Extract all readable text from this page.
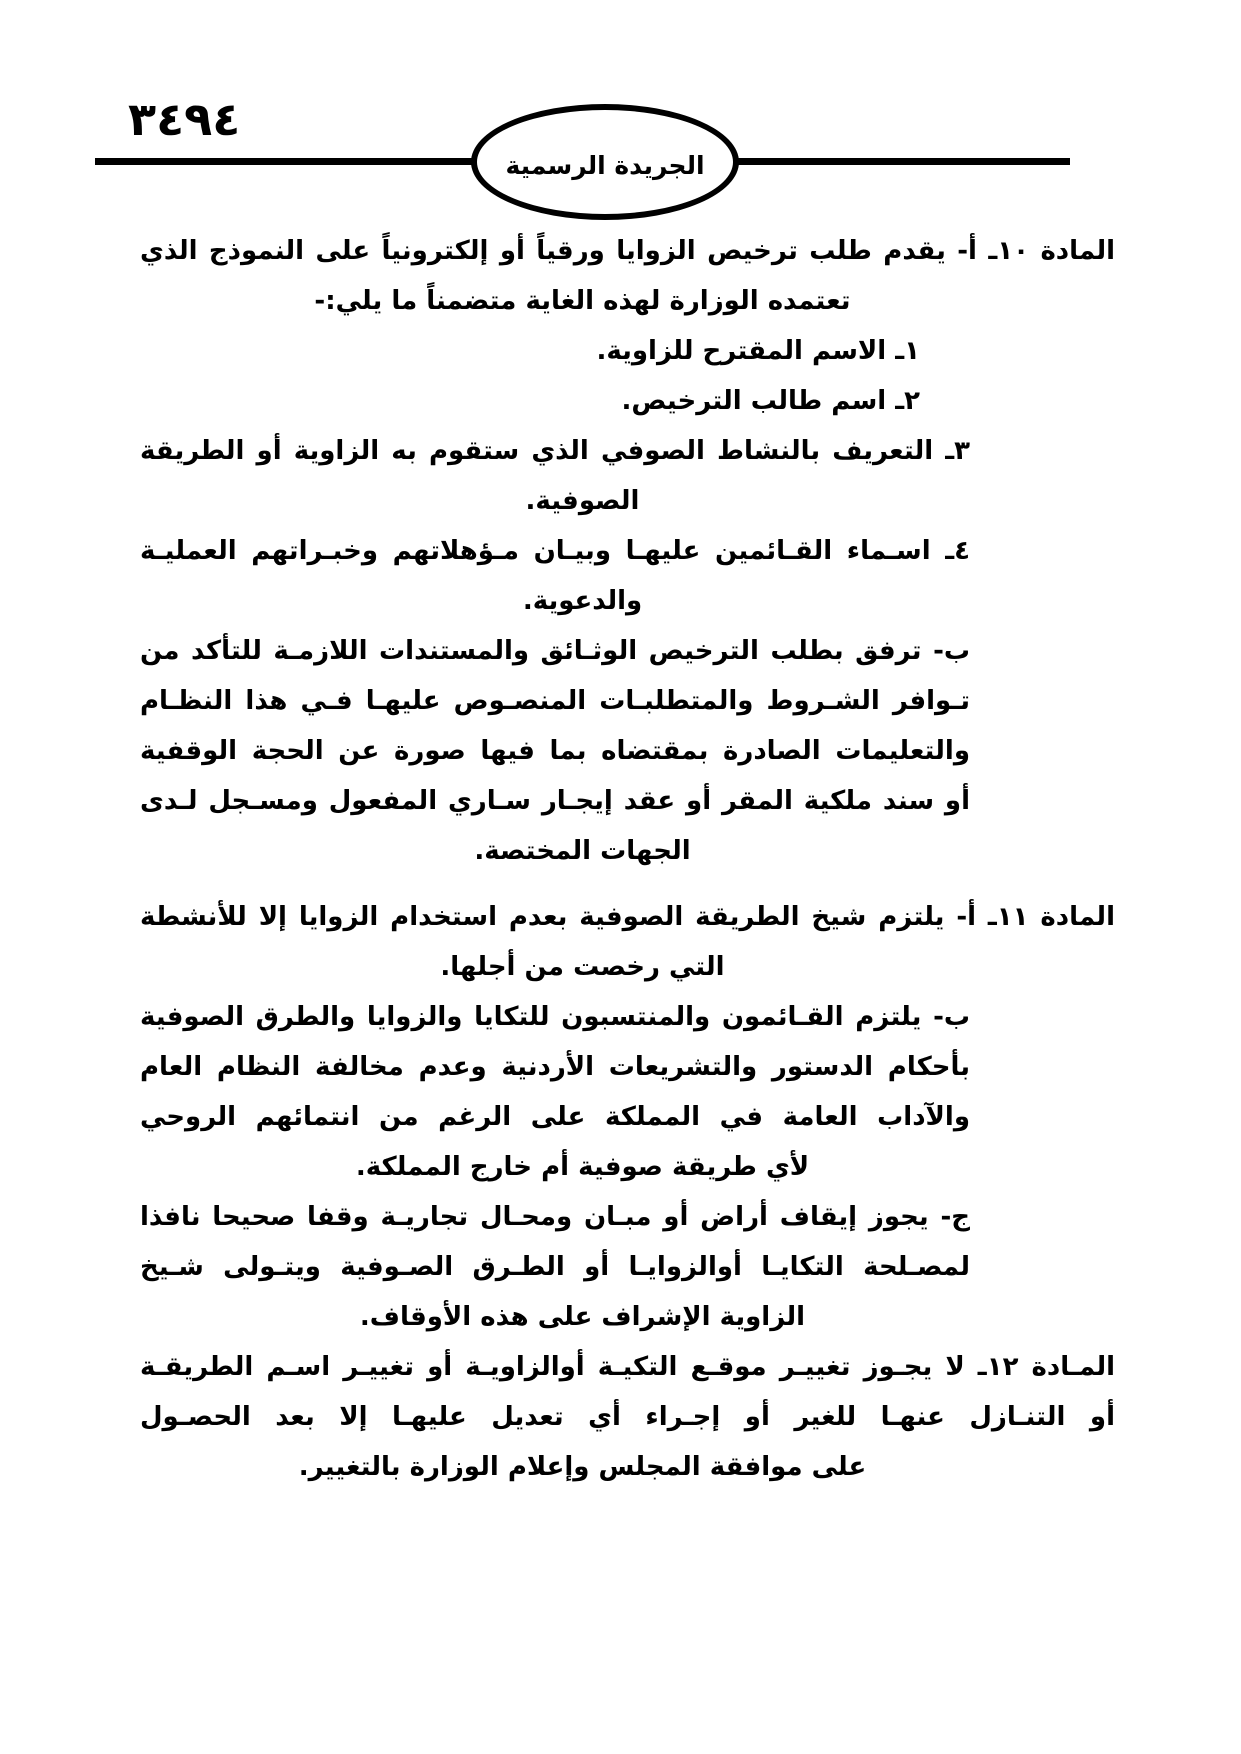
٣٤٩٤
الجريدة الرسمية
المادة ١٠ـ أ- يقدم طلب ترخيص الزوايا ورقياً أو إلكترونياً على النموذج الذي
تعتمده الوزارة لهذه الغاية متضمناً ما يلي:-
١ـ الاسم المقترح للزاوية.
٢ـ اسم طالب الترخيص.
٣ـ التعريف بالنشاط الصوفي الذي ستقوم به الزاوية أو الطريقة
الصوفية.
٤ـ اسـماء القـائمين عليهـا وبيـان مـؤهلاتهم وخبـراتهم العمليـة
والدعوية.
ب- ترفق بطلب الترخيص الوثـائق والمستندات اللازمـة للتأكد من
تـوافر الشـروط والمتطلبـات المنصـوص عليهـا فـي هذا النظـام
والتعليمات الصادرة بمقتضاه بما فيها صورة عن الحجة الوقفية
أو سند ملكية المقر أو عقد إيجـار سـاري المفعول ومسـجل لـدى
الجهات المختصة.
المادة ١١ـ أ- يلتزم شيخ الطريقة الصوفية بعدم استخدام الزوايا إلا للأنشطة
التي رخصت من أجلها.
ب- يلتزم القـائمون والمنتسبون للتكايا والزوايا والطرق الصوفية
بأحكام الدستور والتشريعات الأردنية وعدم مخالفة النظام العام
والآداب العامة في المملكة على الرغم من انتمائهم الروحي
لأي طريقة صوفية أم خارج المملكة.
ج- يجوز إيقاف أراض أو مبـان ومحـال تجاريـة وقفا صحيحا نافذا
لمصـلحة التكايـا أوالزوايـا أو الطـرق الصـوفية ويتـولى شـيخ
الزاوية الإشراف على هذه الأوقاف.
المـادة ١٢ـ لا يجـوز تغييـر موقـع التكيـة أوالزاويـة أو تغييـر اسـم الطريقـة
أو التنـازل عنهـا للغير أو إجـراء أي تعديل عليهـا إلا بعد الحصـول
على موافقة المجلس وإعلام الوزارة بالتغيير.
